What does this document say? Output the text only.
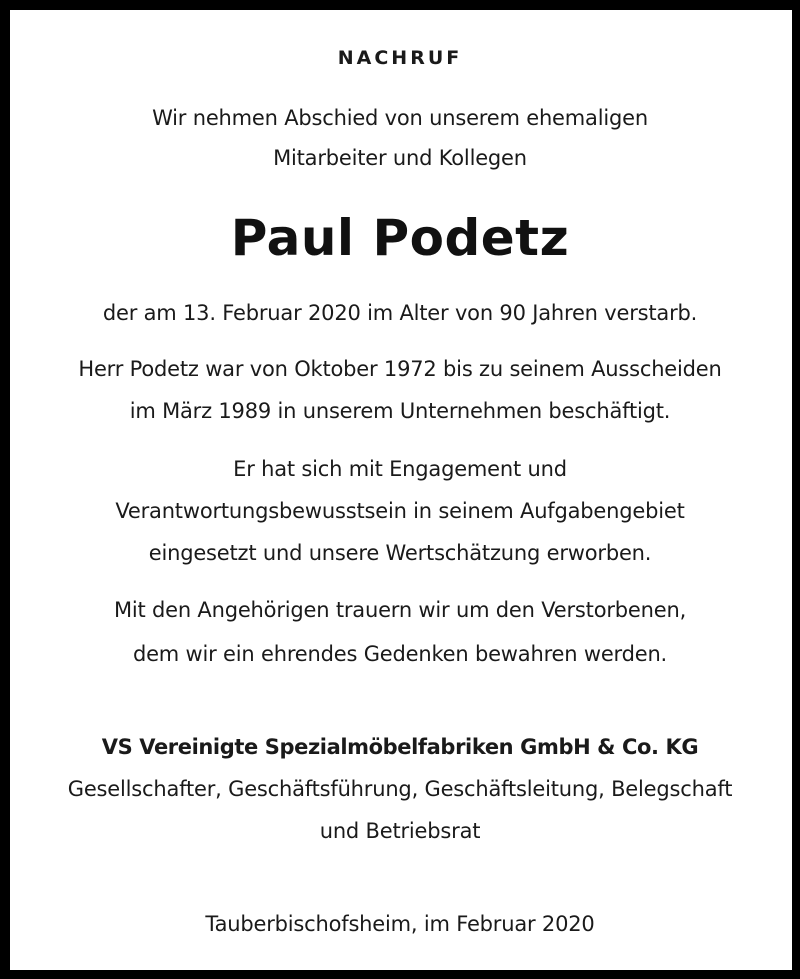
NACHRUF
Wir nehmen Abschied von unserem ehemaligen
Mitarbeiter und Kollegen
Paul Podetz
der am 13. Februar 2020 im Alter von 90 Jahren verstarb.
Herr Podetz war von Oktober 1972 bis zu seinem Ausscheiden
im März 1989 in unserem Unternehmen beschäftigt.
Er hat sich mit Engagement und
Verantwortungsbewusstsein in seinem Aufgabengebiet
eingesetzt und unsere Wertschätzung erworben.
Mit den Angehörigen trauern wir um den Verstorbenen,
dem wir ein ehrendes Gedenken bewahren werden.
VS Vereinigte Spezialmöbelfabriken GmbH & Co. KG
Gesellschafter, Geschäftsführung, Geschäftsleitung, Belegschaft
und Betriebsrat
Tauberbischofsheim, im Februar 2020
